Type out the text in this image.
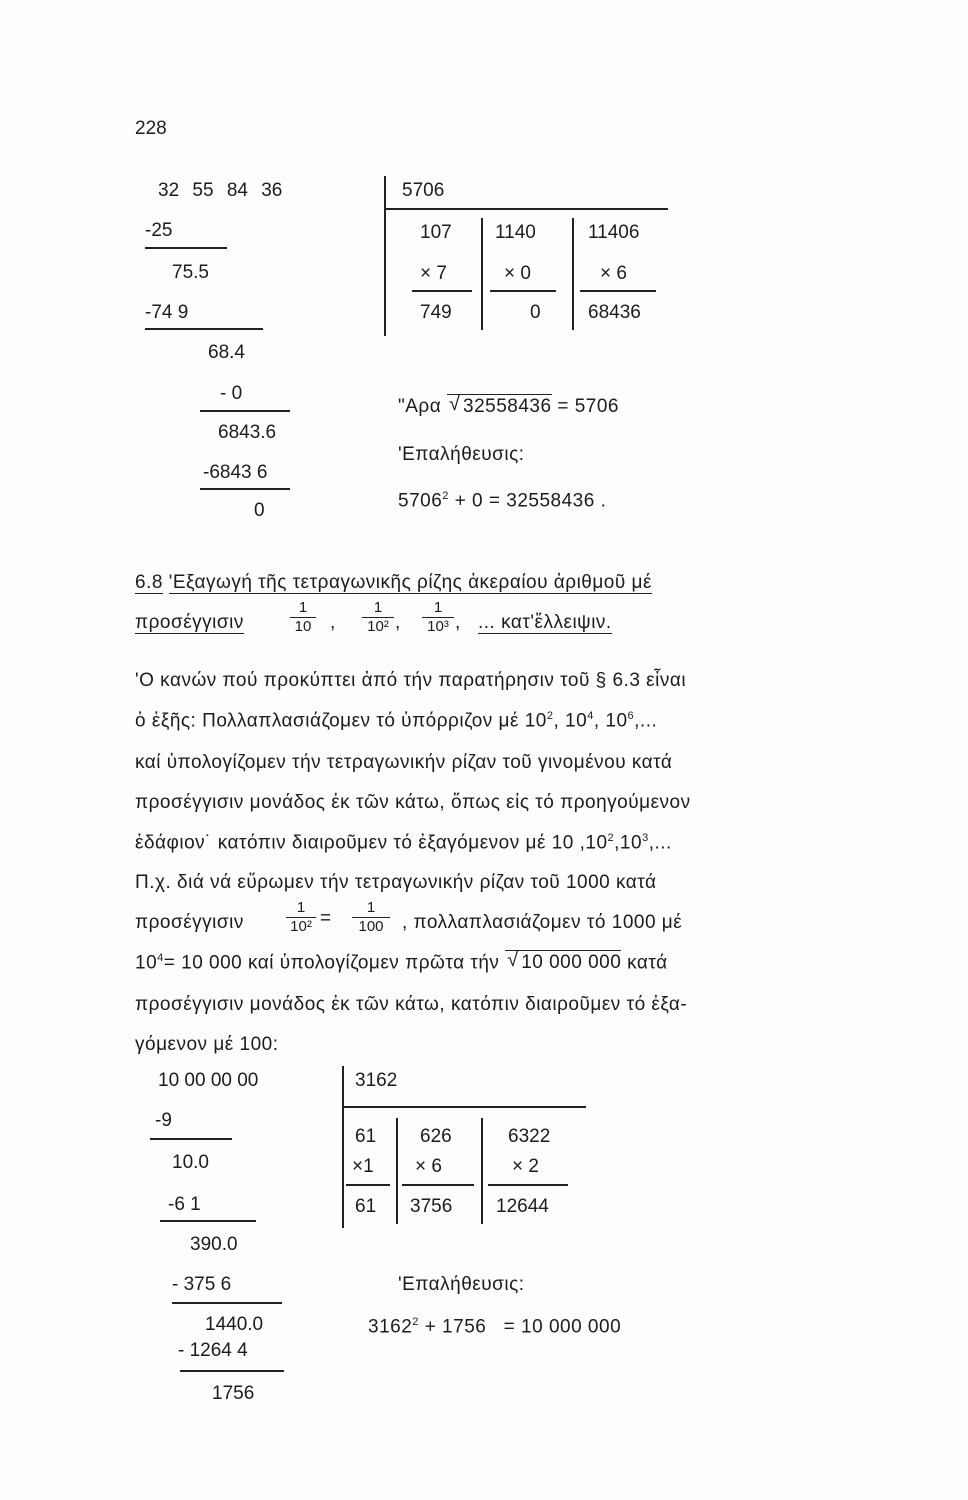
228
32 55 84 36
-25
75.5
-74 9
68.4
- 0
6843.6
-6843 6
0
5706
107
× 7
749
1140
× 0
0
11406
× 6
68436
"Αρα √ 32558436 = 5706
'Επαλήθευσις:
$5706^2 + 0 = 32558436$ .
6.8 'Εξαγωγή τῆς τετραγωνικῆς ρίζης ἀκεραίου ἀριθμοῦ μέ
προσέγγισιν
1
10 ,
1
10² ,
1
10³ , ... κατ'ἔλλειψιν.
'Ο κανών πού προκύπτει ἀπό τήν παρατήρησιν τοῦ § 6.3 εἶναι
ὁ ἑξῆς: Πολλαπλασιάζομεν τό ὑπόρριζον μέ $10^2$, $10^4$, $10^6$,...
καί ὑπολογίζομεν τήν τετραγωνικήν ρίζαν τοῦ γινομένου κατά
προσέγγισιν μονάδος ἐκ τῶν κάτω, ὅπως εἰς τό προηγούμενον
ἐδάφιον˙ κατόπιν διαιροῦμεν τό ἐξαγόμενον μέ 10 $,10^2,10^3$,...
Π.χ. διά νά εὕρωμεν τήν τετραγωνικήν ρίζαν τοῦ 1000 κατά
προσέγγισιν
1
10² =
1
100 , πολλαπλασιάζομεν τό 1000 μέ
$10^4= 10$ 000 καί ὑπολογίζομεν πρῶτα τήν √ 10 000 000 κατά
προσέγγισιν μονάδος ἐκ τῶν κάτω, κατόπιν διαιροῦμεν τό ἐξα-
γόμενον μέ 100:
10 00 00 00
-9
10.0
-6 1
390.0
- 375 6
1440.0
- 1264 4
1756
3162
61
×1
61
626
× 6
3756
6322
× 2
12644
'Επαλήθευσις:
$3162^2 + 1756 = 10$ 000 000
